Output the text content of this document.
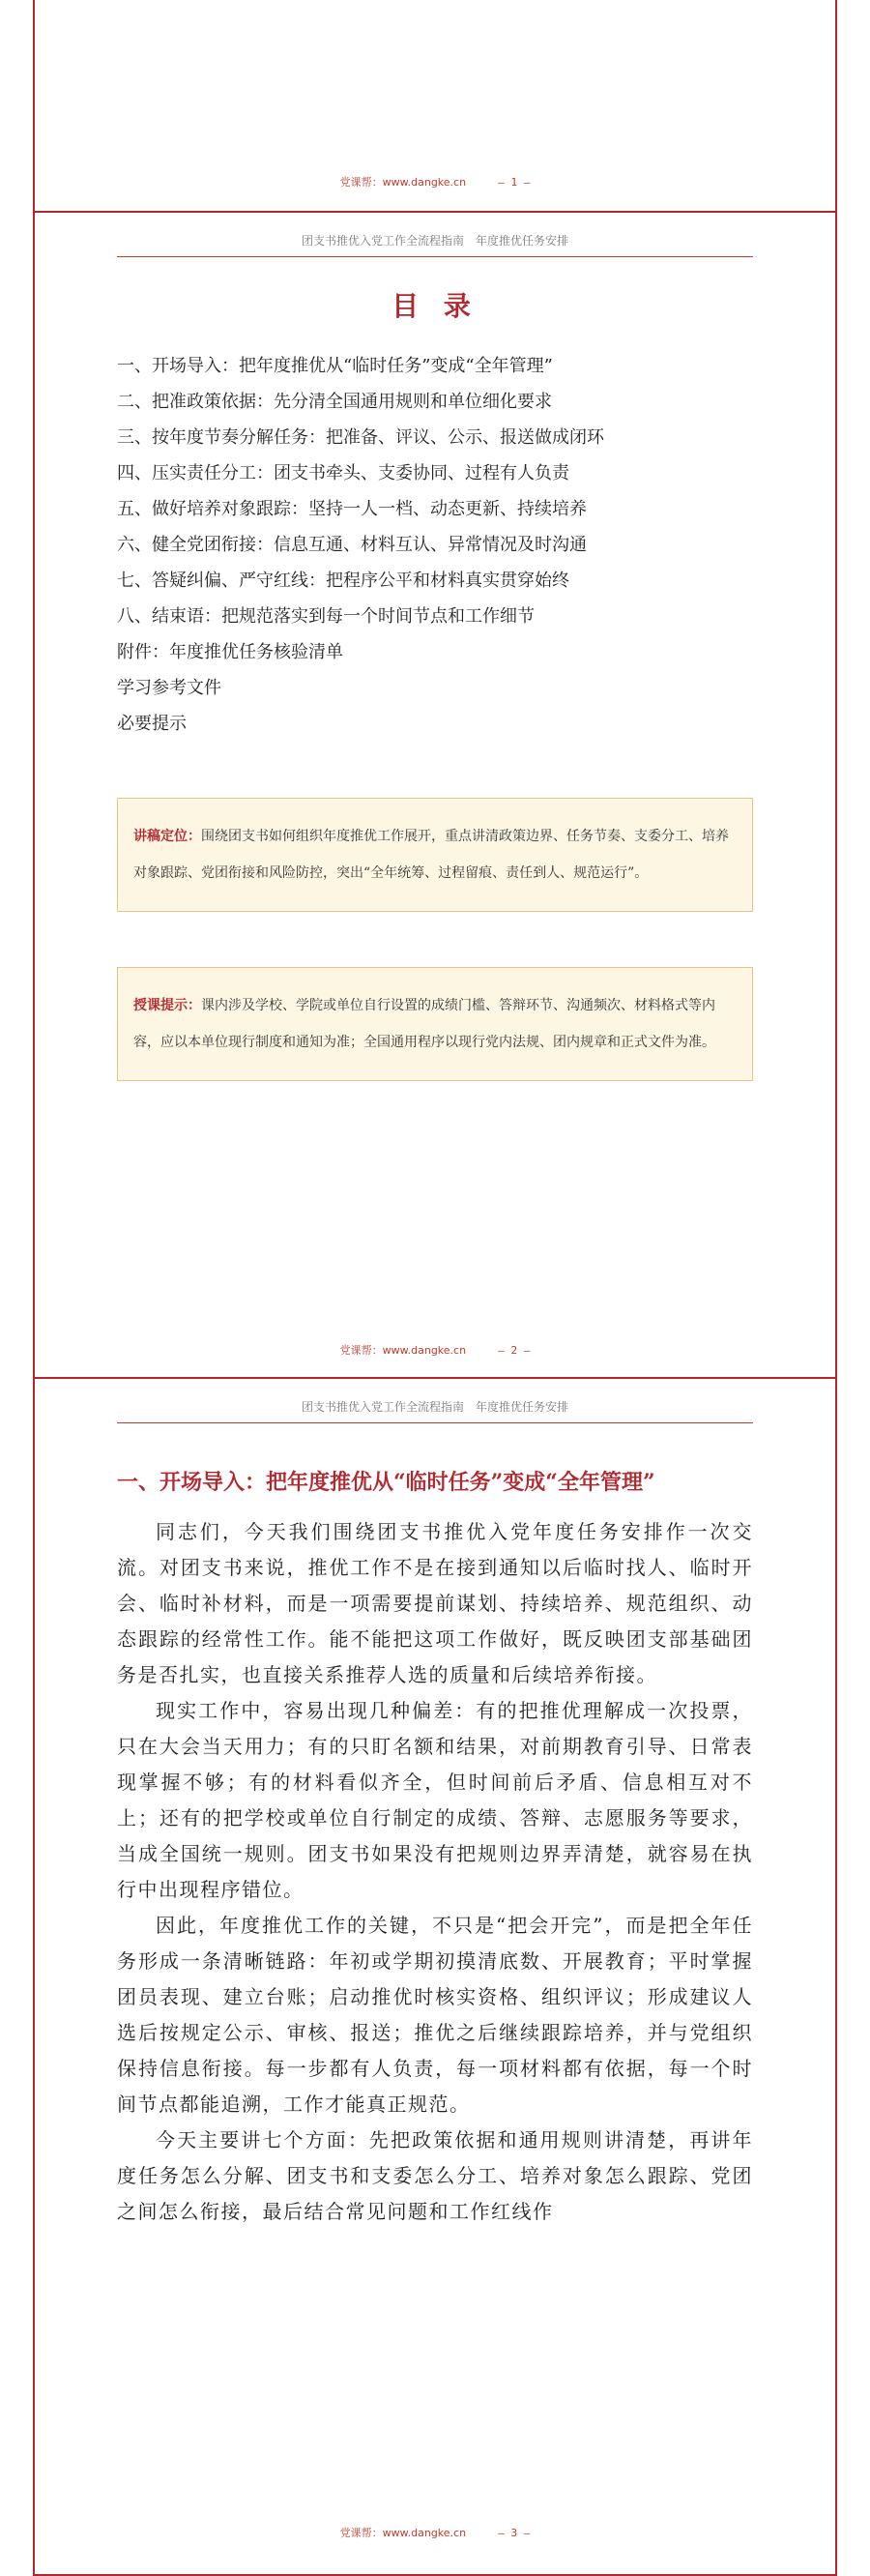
党课帮：www.dangke.cn	— 1 —
团支书推优入党工作全流程指南　年度推优任务安排
目 录
一、开场导入：把年度推优从“临时任务”变成“全年管理”
二、把准政策依据：先分清全国通用规则和单位细化要求
三、按年度节奏分解任务：把准备、评议、公示、报送做成闭环
四、压实责任分工：团支书牵头、支委协同、过程有人负责
五、做好培养对象跟踪：坚持一人一档、动态更新、持续培养
六、健全党团衔接：信息互通、材料互认、异常情况及时沟通
七、答疑纠偏、严守红线：把程序公平和材料真实贯穿始终
八、结束语：把规范落实到每一个时间节点和工作细节
附件：年度推优任务核验清单
学习参考文件
必要提示
讲稿定位：围绕团支书如何组织年度推优工作展开，重点讲清政策边界、任务节奏、支委分工、培养对象跟踪、党团衔接和风险防控，突出“全年统筹、过程留痕、责任到人、规范运行”。
授课提示：课内涉及学校、学院或单位自行设置的成绩门槛、答辩环节、沟通频次、材料格式等内容，应以本单位现行制度和通知为准；全国通用程序以现行党内法规、团内规章和正式文件为准。
党课帮：www.dangke.cn	— 2 —
团支书推优入党工作全流程指南　年度推优任务安排
一、开场导入：把年度推优从“临时任务”变成“全年管理”

同志们，今天我们围绕团支书推优入党年度任务安排作一次交流。对团支书来说，推优工作不是在接到通知以后临时找人、临时开会、临时补材料，而是一项需要提前谋划、持续培养、规范组织、动态跟踪的经常性工作。能不能把这项工作做好，既反映团支部基础团务是否扎实，也直接关系推荐人选的质量和后续培养衔接。

现实工作中，容易出现几种偏差：有的把推优理解成一次投票，只在大会当天用力；有的只盯名额和结果，对前期教育引导、日常表现掌握不够；有的材料看似齐全，但时间前后矛盾、信息相互对不上；还有的把学校或单位自行制定的成绩、答辩、志愿服务等要求，当成全国统一规则。团支书如果没有把规则边界弄清楚，就容易在执行中出现程序错位。

因此，年度推优工作的关键，不只是“把会开完”，而是把全年任务形成一条清晰链路：年初或学期初摸清底数、开展教育；平时掌握团员表现、建立台账；启动推优时核实资格、组织评议；形成建议人选后按规定公示、审核、报送；推优之后继续跟踪培养，并与党组织保持信息衔接。每一步都有人负责，每一项材料都有依据，每一个时间节点都能追溯，工作才能真正规范。

今天主要讲七个方面：先把政策依据和通用规则讲清楚，再讲年度任务怎么分解、团支书和支委怎么分工、培养对象怎么跟踪、党团之间怎么衔接，最后结合常见问题和工作红线作

党课帮：www.dangke.cn	— 3 —
